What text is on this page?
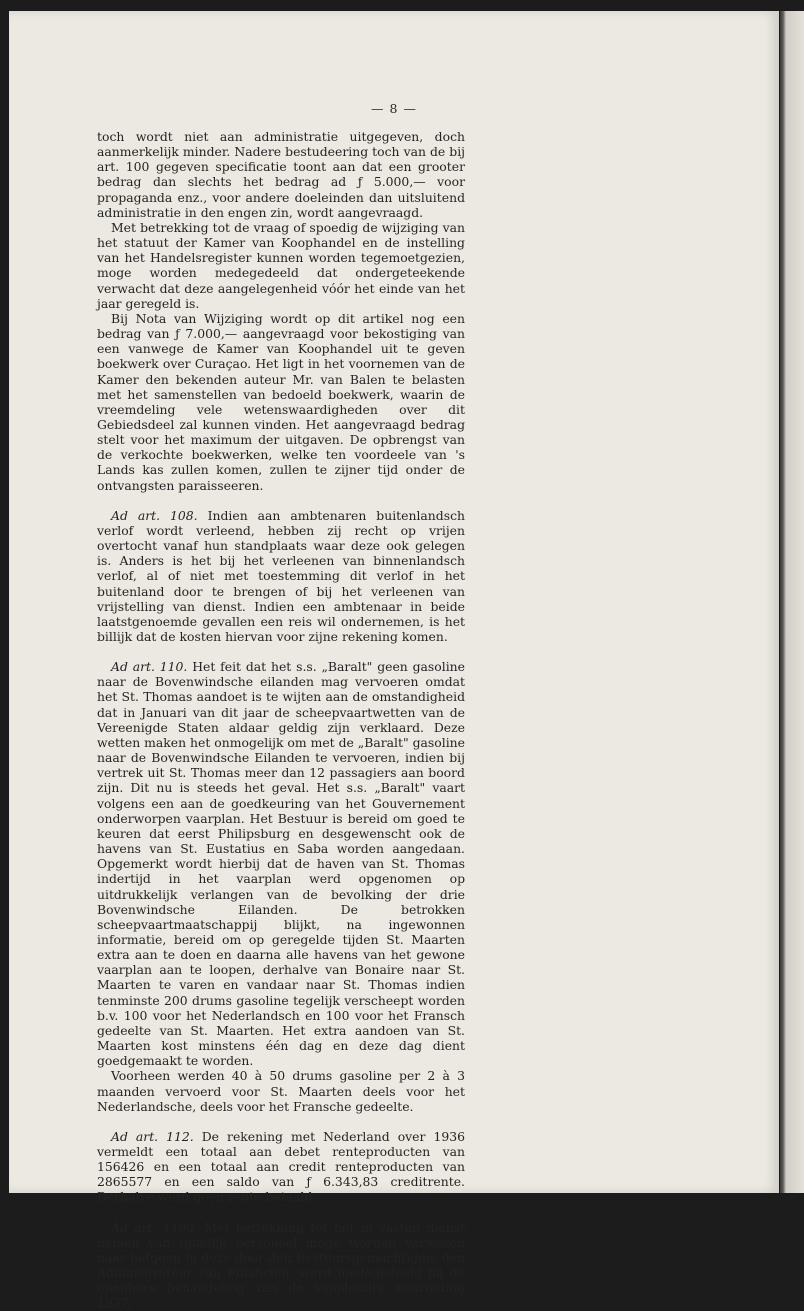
— 8 —

toch wordt niet aan administratie uitgegeven, doch aanmerkelijk minder. Nadere bestudeering toch van de bij art. 100 gegeven specificatie toont aan dat een grooter bedrag dan slechts het bedrag ad ƒ 5.000,— voor propaganda enz., voor andere doeleinden dan uitsluitend administratie in den engen zin, wordt aangevraagd.

Met betrekking tot de vraag of spoedig de wijziging van het statuut der Kamer van Koophandel en de instelling van het Handelsregister kunnen worden tegemoetgezien, moge worden medegedeeld dat ondergeteekende verwacht dat deze aangelegenheid vóór het einde van het jaar geregeld is.

Bij Nota van Wijziging wordt op dit artikel nog een bedrag van ƒ 7.000,— aangevraagd voor bekostiging van een vanwege de Kamer van Koophandel uit te geven boekwerk over Curaçao. Het ligt in het voornemen van de Kamer den bekenden auteur Mr. van Balen te belasten met het samenstellen van bedoeld boekwerk, waarin de vreemdeling vele wetenswaardigheden over dit Gebiedsdeel zal kunnen vinden. Het aangevraagd bedrag stelt voor het maximum der uitgaven. De opbrengst van de verkochte boekwerken, welke ten voordeele van 's Lands kas zullen komen, zullen te zijner tijd onder de ontvangsten paraisseeren.

Ad art. 108. Indien aan ambtenaren buitenlandsch verlof wordt verleend, hebben zij recht op vrijen overtocht vanaf hun standplaats waar deze ook gelegen is. Anders is het bij het verleenen van binnenlandsch verlof, al of niet met toestemming dit verlof in het buitenland door te brengen of bij het verleenen van vrijstelling van dienst. Indien een ambtenaar in beide laatstgenoemde gevallen een reis wil ondernemen, is het billijk dat de kosten hiervan voor zijne rekening komen.

Ad art. 110. Het feit dat het s.s. „Baralt" geen gasoline naar de Bovenwindsche eilanden mag vervoeren omdat het St. Thomas aandoet is te wijten aan de omstandigheid dat in Januari van dit jaar de scheepvaartwetten van de Vereenigde Staten aldaar geldig zijn verklaard. Deze wetten maken het onmogelijk om met de „Baralt" gasoline naar de Bovenwindsche Eilanden te vervoeren, indien bij vertrek uit St. Thomas meer dan 12 passagiers aan boord zijn. Dit nu is steeds het geval. Het s.s. „Baralt" vaart volgens een aan de goedkeuring van het Gouvernement onderworpen vaarplan. Het Bestuur is bereid om goed te keuren dat eerst Philipsburg en desgewenscht ook de havens van St. Eustatius en Saba worden aangedaan. Opgemerkt wordt hierbij dat de haven van St. Thomas indertijd in het vaarplan werd opgenomen op uitdrukkelijk verlangen van de bevolking der drie Bovenwindsche Eilanden. De betrokken scheepvaartmaatschappij blijkt, na ingewonnen informatie, bereid om op geregelde tijden St. Maarten extra aan te doen en daarna alle havens van het gewone vaarplan aan te loopen, derhalve van Bonaire naar St. Maarten te varen en vandaar naar St. Thomas indien tenminste 200 drums gasoline tegelijk verscheept worden b.v. 100 voor het Nederlandsch en 100 voor het Fransch gedeelte van St. Maarten. Het extra aandoen van St. Maarten kost minstens één dag en deze dag dient goedgemaakt te worden.

Voorheen werden 40 à 50 drums gasoline per 2 à 3 maanden vervoerd voor St. Maarten deels voor het Nederlandsche, deels voor het Fransche gedeelte.

Ad art. 112. De rekening met Nederland over 1936 vermeldt een totaal aan debet renteproducten van 156426 en een totaal aan credit renteproducten van 2865577 en een saldo van ƒ 6.343,83 creditrente. Derhalve werd geen rente betaald.

Ad art. 119a. Met betrekking tot het in vasten dienst nemen van tijdelijk personeel moge worden verwezen naar hetgeen in deze door den Bestuursgemachtigde, den Administrateur van Financien, werd medegedeeld bij de openbare behandeling van de suppletoire begrooting 1937.
